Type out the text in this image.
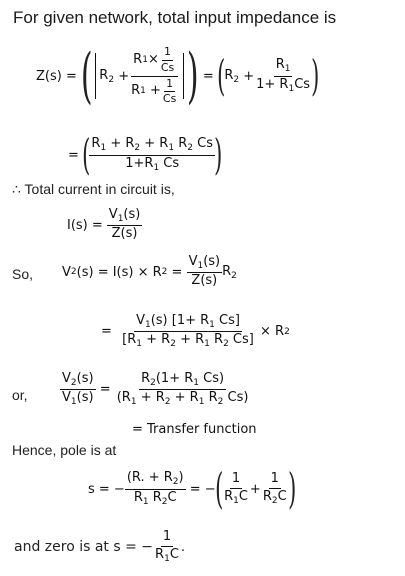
For given network, total input impedance is
Z(s) = ( $R_2 + \frac{R 1 \times \frac{1}{Cs}}{R 1 + \frac{1}{Cs}}$ ) = ( $R_2 + \frac{R_1}{1+ R_1Cs}$ )
= ( $\frac{R_1 + R_2 + R_1 R_2 Cs}{1+R_1 Cs}$ )
∴ Total current in circuit is,
$I(s) = \frac{V_1(s)}{Z(s)}$
So, V 2 (s) = I(s) × R $2 = \frac{V_1(s)}{Z(s)} R_2$
= $\frac{V_1(s) [1+ R_1 Cs]}{[R_1 + R_2 + R_1 R_2 Cs]}$
× R 2
or, $\frac{V_2(s)}{V_1(s)} = \frac{R_2(1+ R_1 Cs)}{(R_1 + R_2 + R_1 R_2 Cs)}$
= Transfer function
Hence, pole is at
s = − $\frac{(R. + R_2)}{R_1 R_2C}$ = − ( $\frac{1}{R_1C} + \frac{1}{R_2C}$ )
and zero is at s = − $\frac{1}{R_1C}$ .
